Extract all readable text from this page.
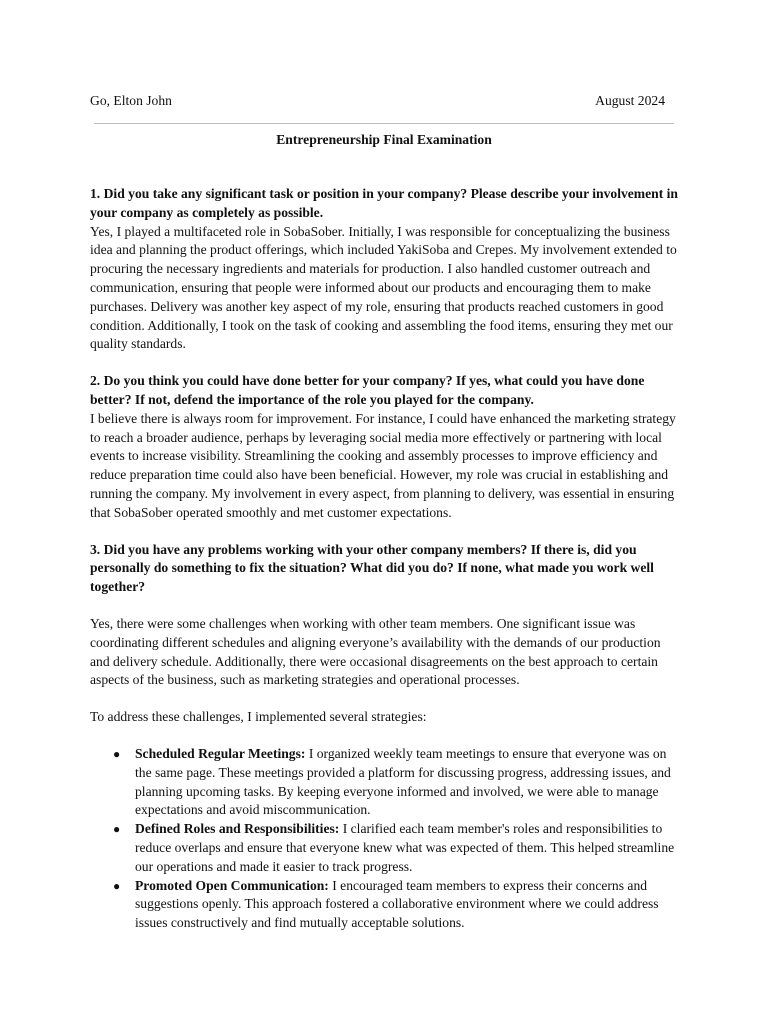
Go, Elton John	August 2024
Entrepreneurship Final Examination

1. Did you take any significant task or position in your company? Please describe your involvement in your company as completely as possible.

Yes, I played a multifaceted role in SobaSober. Initially, I was responsible for conceptualizing the business idea and planning the product offerings, which included YakiSoba and Crepes. My involvement extended to procuring the necessary ingredients and materials for production. I also handled customer outreach and communication, ensuring that people were informed about our products and encouraging them to make purchases. Delivery was another key aspect of my role, ensuring that products reached customers in good condition. Additionally, I took on the task of cooking and assembling the food items, ensuring they met our quality standards.

2. Do you think you could have done better for your company? If yes, what could you have done better? If not, defend the importance of the role you played for the company.

I believe there is always room for improvement. For instance, I could have enhanced the marketing strategy to reach a broader audience, perhaps by leveraging social media more effectively or partnering with local events to increase visibility. Streamlining the cooking and assembly processes to improve efficiency and reduce preparation time could also have been beneficial. However, my role was crucial in establishing and running the company. My involvement in every aspect, from planning to delivery, was essential in ensuring that SobaSober operated smoothly and met customer expectations.

3. Did you have any problems working with your other company members? If there is, did you personally do something to fix the situation? What did you do? If none, what made you work well together?

Yes, there were some challenges when working with other team members. One significant issue was coordinating different schedules and aligning everyone’s availability with the demands of our production and delivery schedule. Additionally, there were occasional disagreements on the best approach to certain aspects of the business, such as marketing strategies and operational processes.

To address these challenges, I implemented several strategies:

● Scheduled Regular Meetings: I organized weekly team meetings to ensure that everyone was on the same page. These meetings provided a platform for discussing progress, addressing issues, and planning upcoming tasks. By keeping everyone informed and involved, we were able to manage expectations and avoid miscommunication.
● Defined Roles and Responsibilities: I clarified each team member's roles and responsibilities to reduce overlaps and ensure that everyone knew what was expected of them. This helped streamline our operations and made it easier to track progress.
● Promoted Open Communication: I encouraged team members to express their concerns and suggestions openly. This approach fostered a collaborative environment where we could address issues constructively and find mutually acceptable solutions.
